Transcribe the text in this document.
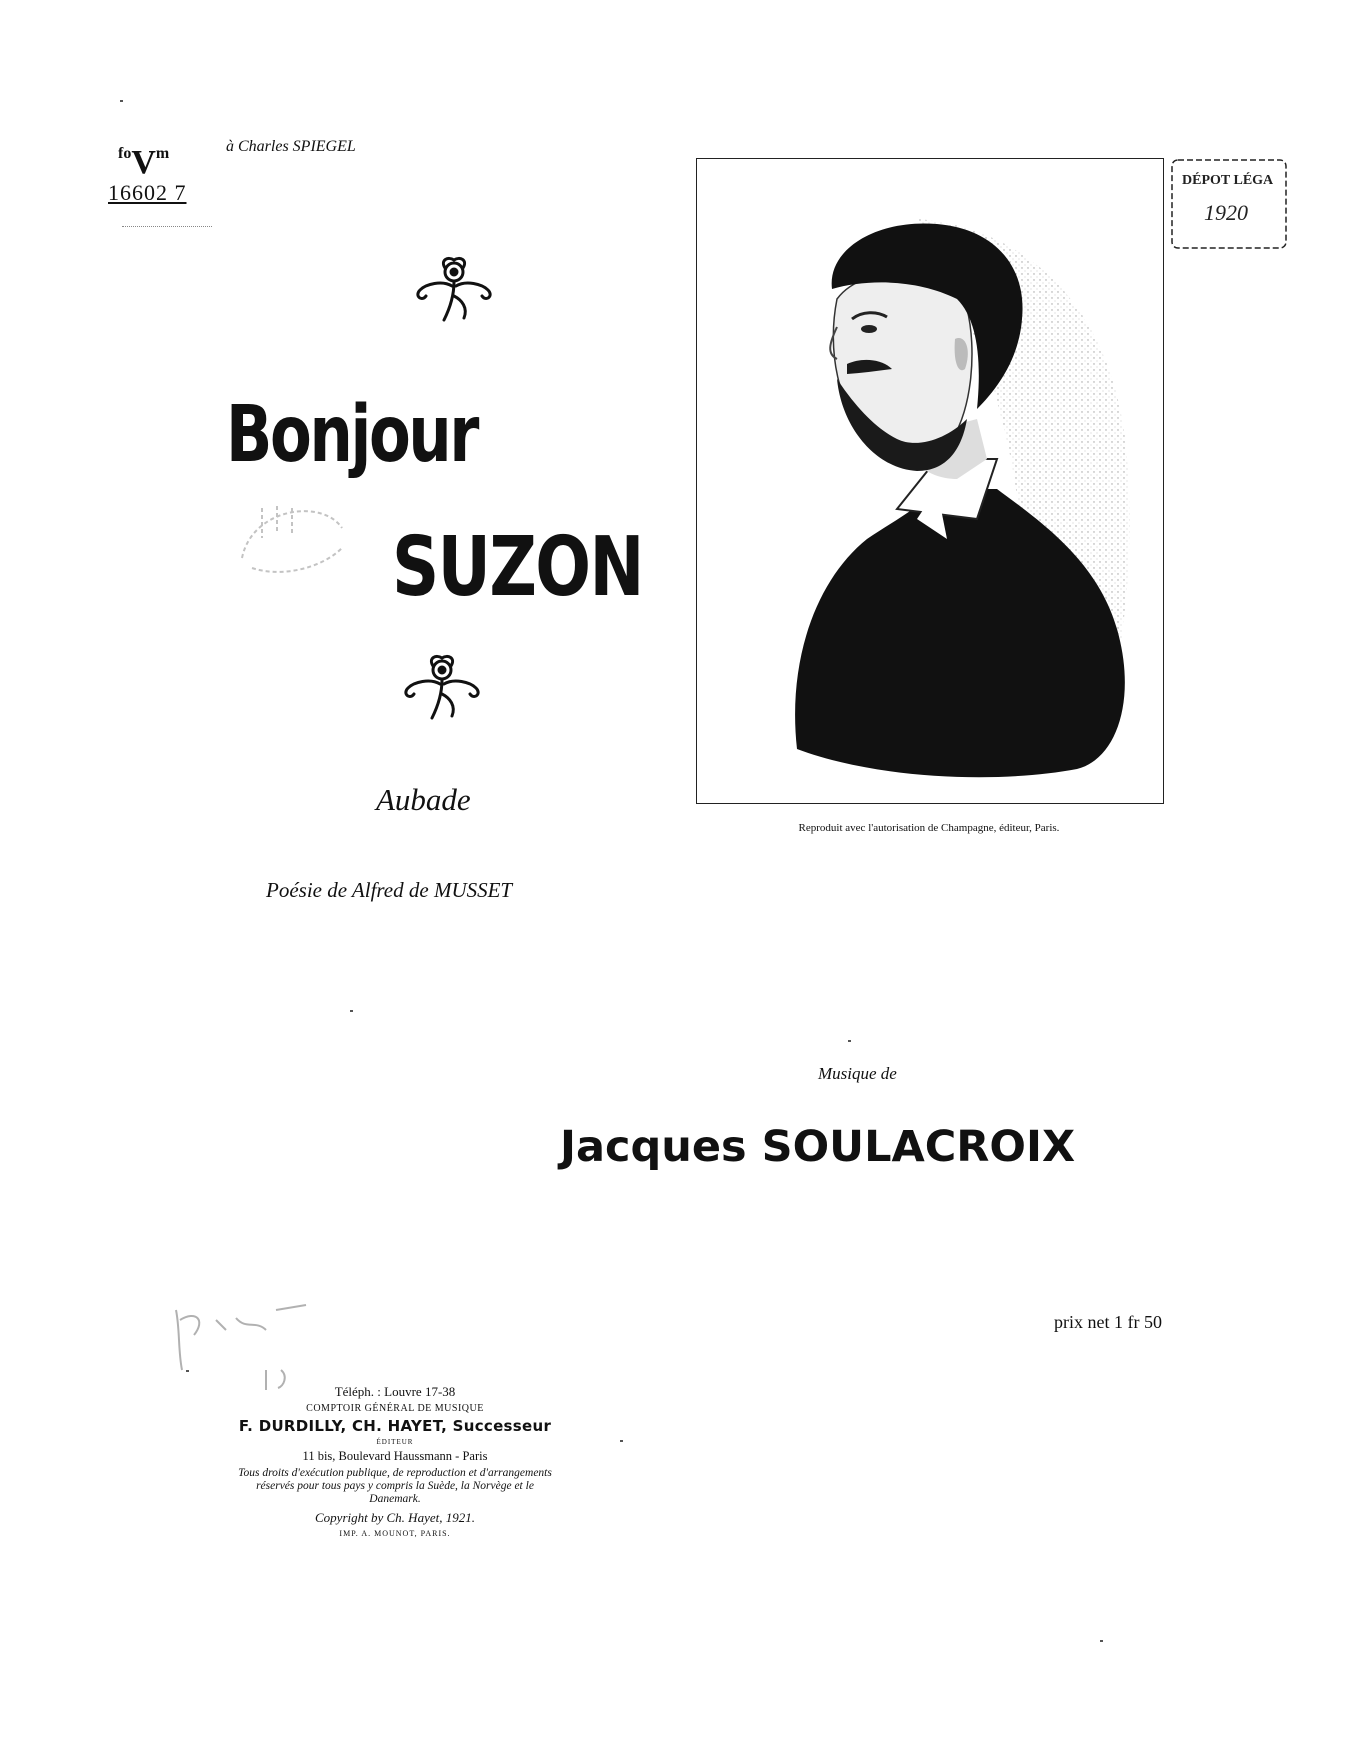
à Charles SPIEGEL
$^{fo}V^m$
16602 7
Bonjour
SUZON
Reproduit avec l'autorisation de Champagne, éditeur, Paris.
DÉPOT LÉGA
1920
Aubade
Poésie de Alfred de MUSSET
Musique de
Jacques SOULACROIX
prix net 1 fr 50
Téléph. : Louvre 17-38
COMPTOIR GÉNÉRAL DE MUSIQUE
F. DURDILLY, CH. HAYET, Successeur
ÉDITEUR
11 bis, Boulevard Haussmann - Paris
Tous droits d'exécution publique, de reproduction et d'arrangements réservés pour tous pays y compris la Suède, la Norvège et le Danemark.
Copyright by Ch. Hayet, 1921.
IMP. A. MOUNOT, PARIS.
